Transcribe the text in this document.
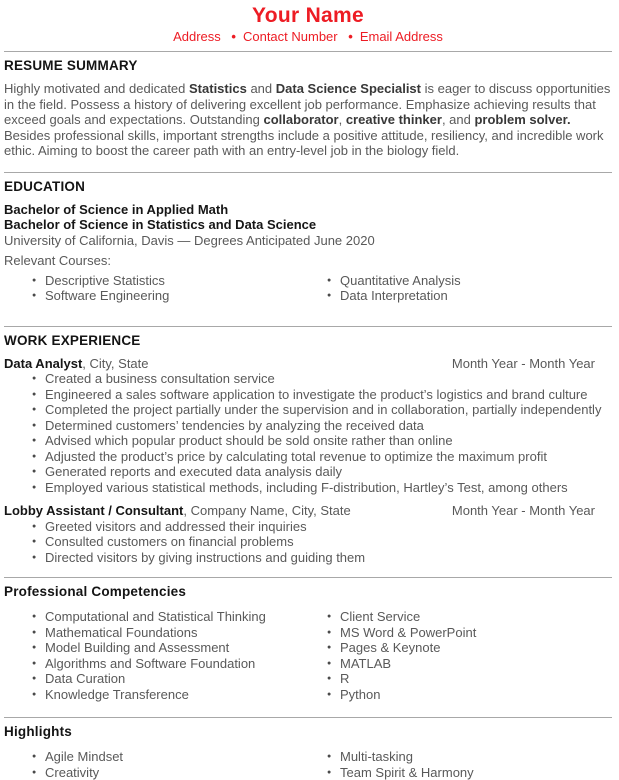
Your Name
Address • Contact Number • Email Address
RESUME SUMMARY

Highly motivated and dedicated Statistics and Data Science Specialist is eager to discuss opportunities in the field. Possess a history of delivering excellent job performance. Emphasize achieving results that exceed goals and expectations. Outstanding collaborator, creative thinker, and problem solver. Besides professional skills, important strengths include a positive attitude, resiliency, and incredible work ethic. Aiming to boost the career path with an entry-level job in the biology field.

EDUCATION
Bachelor of Science in Applied Math
Bachelor of Science in Statistics and Data Science
University of California, Davis — Degrees Anticipated June 2020
Relevant Courses:
● Descriptive Statistics
● Software Engineering
● Quantitative Analysis
● Data Interpretation
WORK EXPERIENCE
Data Analyst, City, State	Month Year - Month Year
● Created a business consultation service
● Engineered a sales software application to investigate the product’s logistics and brand culture
● Completed the project partially under the supervision and in collaboration, partially independently
● Determined customers’ tendencies by analyzing the received data
● Advised which popular product should be sold onsite rather than online
● Adjusted the product’s price by calculating total revenue to optimize the maximum profit
● Generated reports and executed data analysis daily
● Employed various statistical methods, including F-distribution, Hartley’s Test, among others
Lobby Assistant / Consultant, Company Name, City, State	Month Year - Month Year
● Greeted visitors and addressed their inquiries
● Consulted customers on financial problems
● Directed visitors by giving instructions and guiding them
Professional Competencies
● Computational and Statistical Thinking
● Mathematical Foundations
● Model Building and Assessment
● Algorithms and Software Foundation
● Data Curation
● Knowledge Transference
● Client Service
● MS Word & PowerPoint
● Pages & Keynote
● MATLAB
● R
● Python
Highlights
● Agile Mindset
● Creativity
● Multi-tasking
● Team Spirit & Harmony
